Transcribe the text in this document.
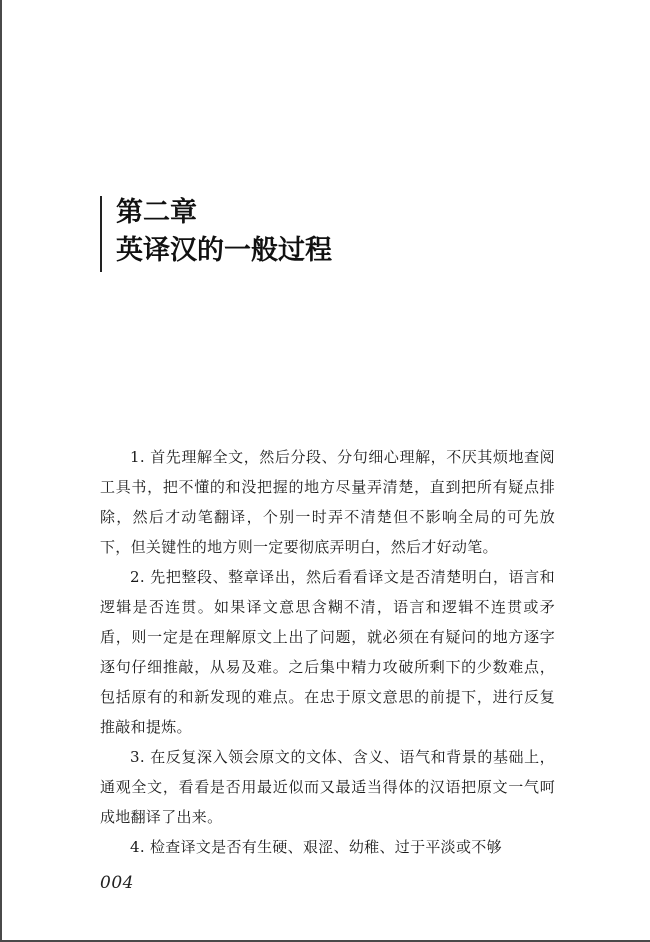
第二章
英译汉的一般过程

1. 首先理解全文，然后分段、分句细心理解，不厌其烦地查阅工具书，把不懂的和没把握的地方尽量弄清楚，直到把所有疑点排除，然后才动笔翻译，个别一时弄不清楚但不影响全局的可先放下，但关键性的地方则一定要彻底弄明白，然后才好动笔。

2. 先把整段、整章译出，然后看看译文是否清楚明白，语言和逻辑是否连贯。如果译文意思含糊不清，语言和逻辑不连贯或矛盾，则一定是在理解原文上出了问题，就必须在有疑问的地方逐字逐句仔细推敲，从易及难。之后集中精力攻破所剩下的少数难点，包括原有的和新发现的难点。在忠于原文意思的前提下，进行反复推敲和提炼。

3. 在反复深入领会原文的文体、含义、语气和背景的基础上，通观全文，看看是否用最近似而又最适当得体的汉语把原文一气呵成地翻译了出来。

4. 检查译文是否有生硬、艰涩、幼稚、过于平淡或不够

004
